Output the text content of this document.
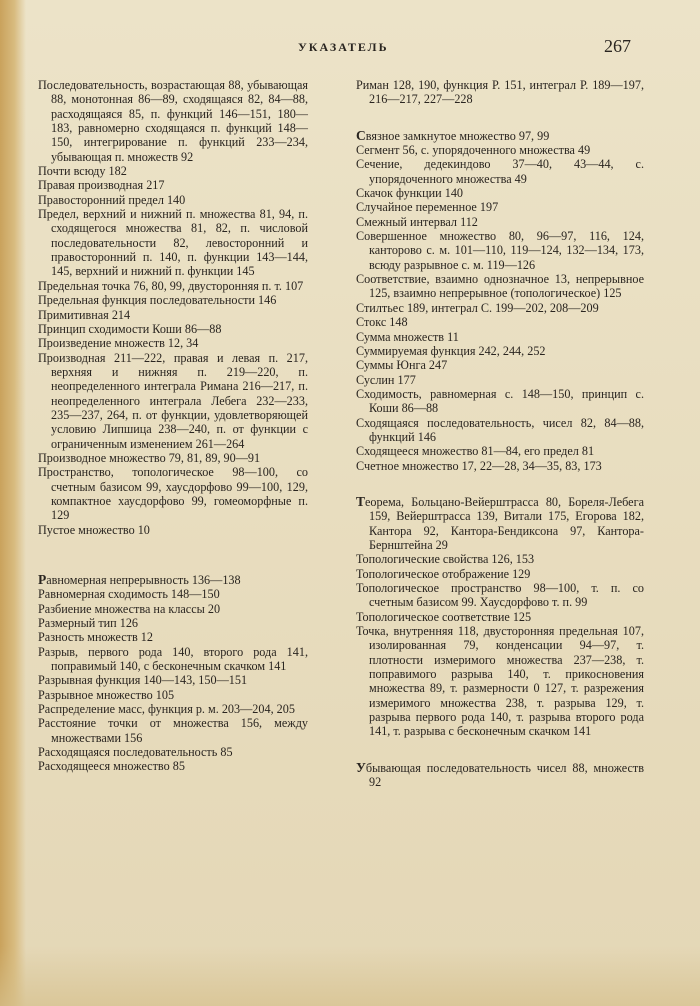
УКАЗАТЕЛЬ	267

Последовательность, возрастающая 88, убывающая 88, монотонная 86—89, сходящаяся 82, 84—88, расходящаяся 85, п. функций 146—151, 180—183, равномерно сходящаяся п. функций 148—150, интегрирование п. функций 233—234, убывающая п. множеств 92

Почти всюду 182

Правая производная 217

Правосторонний предел 140

Предел, верхний и нижний п. множества 81, 94, п. сходящегося множества 81, 82, п. числовой последовательности 82, левосторонний и правосторонний п. 140, п. функции 143—144, 145, верхний и нижний п. функции 145

Предельная точка 76, 80, 99, двусторонняя п. т. 107

Предельная функция последовательности 146

Примитивная 214

Принцип сходимости Коши 86—88

Произведение множеств 12, 34

Производная 211—222, правая и левая п. 217, верхняя и нижняя п. 219—220, п. неопределенного интеграла Римана 216—217, п. неопределенного интеграла Лебега 232—233, 235—237, 264, п. от функции, удовлетворяющей условию Липшица 238—240, п. от функции с ограниченным изменением 261—264

Производное множество 79, 81, 89, 90—91

Пространство, топологическое 98—100, со счетным базисом 99, хаусдорфово 99—100, 129, компактное хаусдорфово 99, гомеоморфные п. 129

Пустое множество 10

Равномерная непрерывность 136—138

Равномерная сходимость 148—150

Разбиение множества на классы 20

Размерный тип 126

Разность множеств 12

Разрыв, первого рода 140, второго рода 141, поправимый 140, с бесконечным скачком 141

Разрывная функция 140—143, 150—151

Разрывное множество 105

Распределение масс, функция р. м. 203—204, 205

Расстояние точки от множества 156, между множествами 156

Расходящаяся последовательность 85

Расходящееся множество 85

Риман 128, 190, функция Р. 151, интеграл Р. 189—197, 216—217, 227—228

Связное замкнутое множество 97, 99

Сегмент 56, с. упорядоченного множества 49

Сечение, дедекиндово 37—40, 43—44, с. упорядоченного множества 49

Скачок функции 140

Случайное переменное 197

Смежный интервал 112

Совершенное множество 80, 96—97, 116, 124, канторово с. м. 101—110, 119—124, 132—134, 173, всюду разрывное с. м. 119—126

Соответствие, взаимно однозначное 13, непрерывное 125, взаимно непрерывное (топологическое) 125

Стилтьес 189, интеграл С. 199—202, 208—209

Стокс 148

Сумма множеств 11

Суммируемая функция 242, 244, 252

Суммы Юнга 247

Суслин 177

Сходимость, равномерная с. 148—150, принцип с. Коши 86—88

Сходящаяся последовательность, чисел 82, 84—88, функций 146

Сходящееся множество 81—84, его предел 81

Счетное множество 17, 22—28, 34—35, 83, 173

Теорема, Больцано-Вейерштрасса 80, Бореля-Лебега 159, Вейерштрасса 139, Витали 175, Егорова 182, Кантора 92, Кантора-Бендиксона 97, Кантора-Бернштейна 29

Топологические свойства 126, 153

Топологическое отображение 129

Топологическое пространство 98—100, т. п. со счетным базисом 99. Хаусдорфово т. п. 99

Топологическое соответствие 125

Точка, внутренняя 118, двусторонняя предельная 107, изолированная 79, конденсации 94—97, т. плотности измеримого множества 237—238, т. поправимого разрыва 140, т. прикосновения множества 89, т. размерности 0 127, т. разрежения измеримого множества 238, т. разрыва 129, т. разрыва первого рода 140, т. разрыва второго рода 141, т. разрыва с бесконечным скачком 141

Убывающая последовательность чисел 88, множеств 92
